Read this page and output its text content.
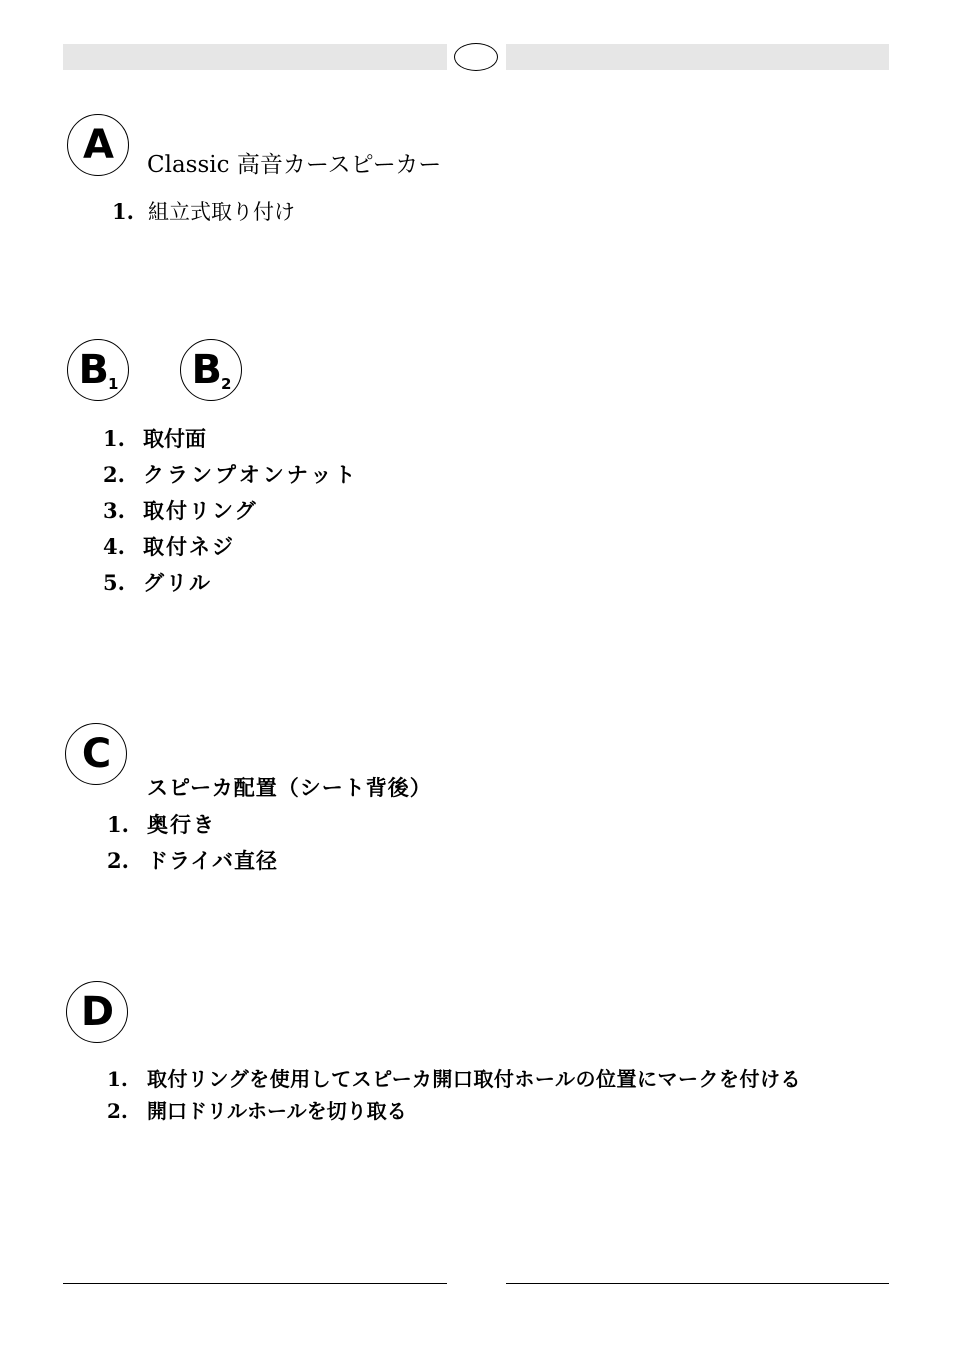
A Classic 高音カースピーカー
1. 組立式取り付け
$B_1$ $B_2$
1. 取付面
2. クランプオンナット
3. 取付リング
4. 取付ネジ
5. グリル
C
スピーカ配置（シート背後）
1. 奥行き
2. ドライバ直径
D
1. 取付リングを使用してスピーカ開口取付ホールの位置にマークを付ける
2. 開口ドリルホールを切り取る
